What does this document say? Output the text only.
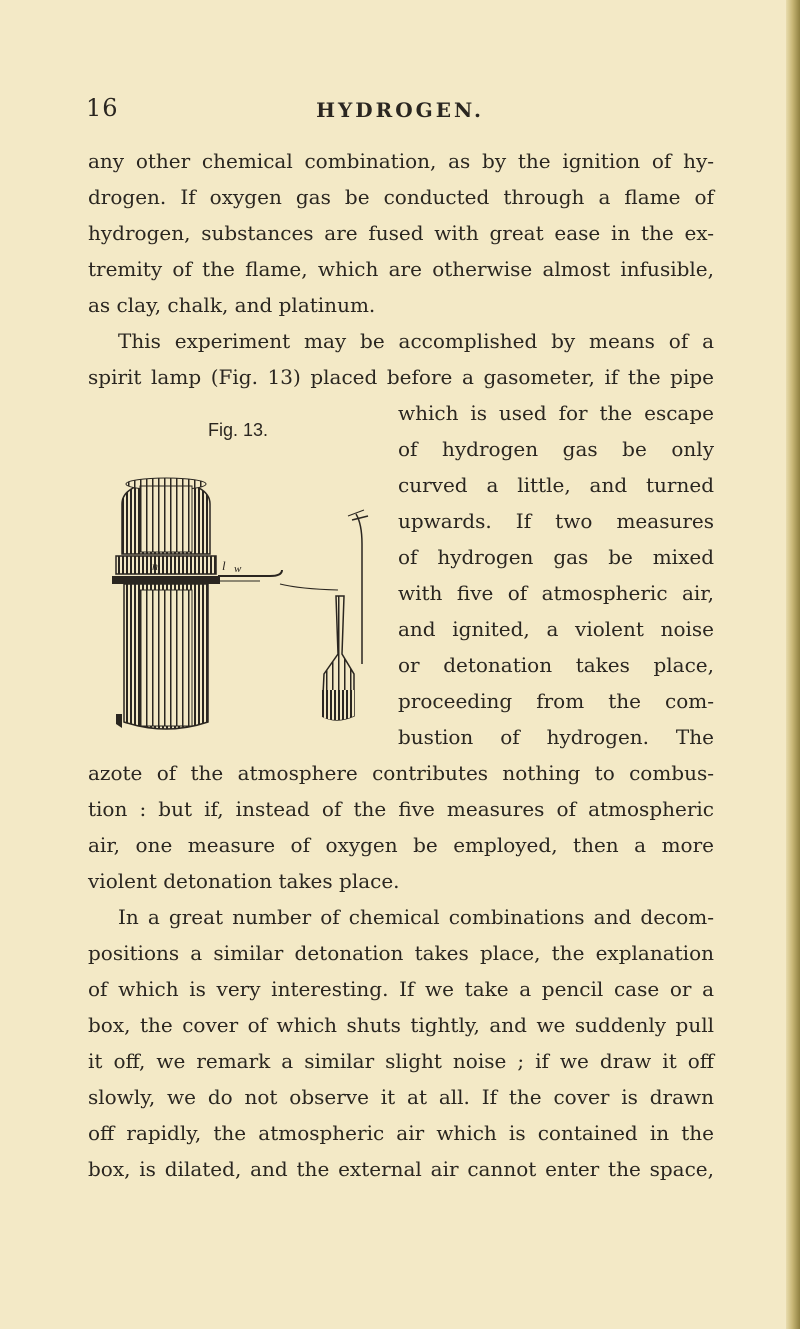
16	HYDROGEN.
any other chemical combination, as by the ignition of hy-
drogen. If oxygen gas be conducted through a flame of
hydrogen, substances are fused with great ease in the ex-
tremity of the flame, which are otherwise almost infusible,
as clay, chalk, and platinum.
This experiment may be accomplished by means of a
spirit lamp (Fig. 13) placed before a gasometer, if the pipe
which is used for the escape
of hydrogen gas be only
curved a little, and turned
upwards. If two measures
of hydrogen gas be mixed
with five of atmospheric air,
and ignited, a violent noise
or detonation takes place,
proceeding from the com-
bustion of hydrogen. The
Fig. 13.
n	l w
azote of the atmosphere contributes nothing to combus-
tion : but if, instead of the five measures of atmospheric
air, one measure of oxygen be employed, then a more
violent detonation takes place.
In a great number of chemical combinations and decom-
positions a similar detonation takes place, the explanation
of which is very interesting. If we take a pencil case or a
box, the cover of which shuts tightly, and we suddenly pull
it off, we remark a similar slight noise ; if we draw it off
slowly, we do not observe it at all. If the cover is drawn
off rapidly, the atmospheric air which is contained in the
box, is dilated, and the external air cannot enter the space,
